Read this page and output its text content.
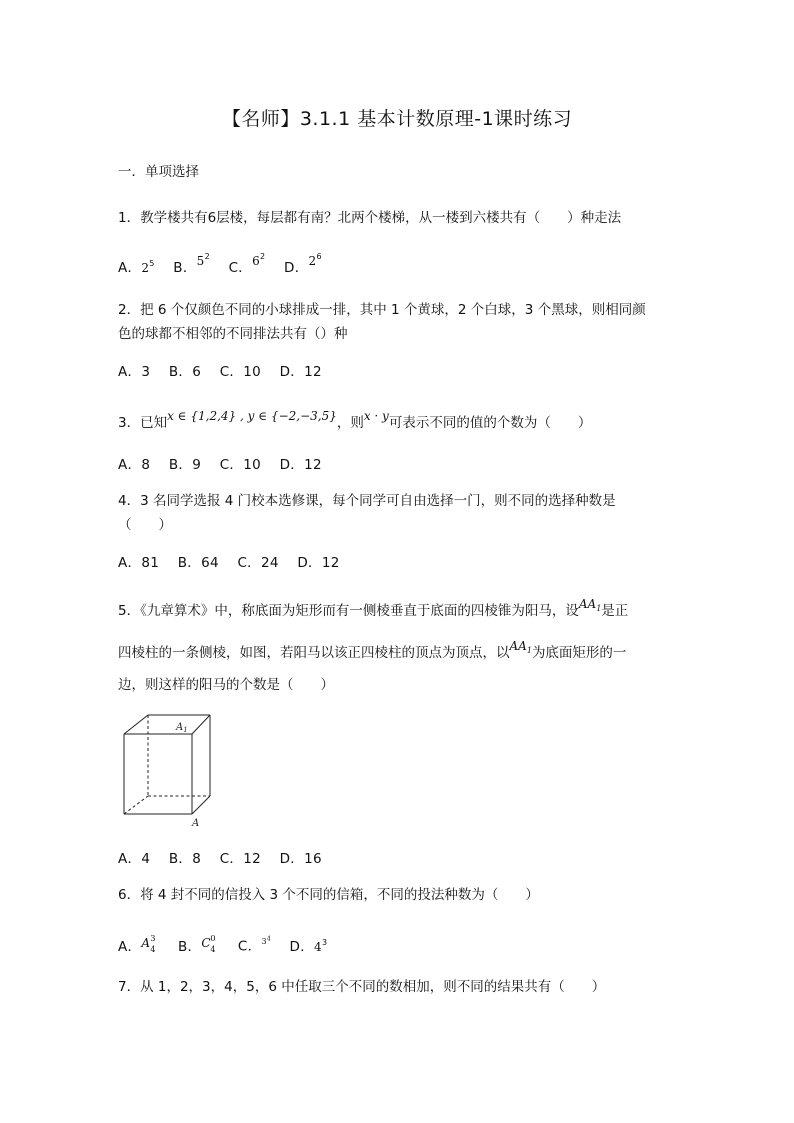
【名师】3.1.1 基本计数原理-1课时练习
一．单项选择
1．教学楼共有6层楼，每层都有南？北两个楼梯，从一楼到六楼共有（　　）种走法
A．$2^5$ B．$5^2$ C．$6^2$ D．$2^6$
2．把 6 个仅颜色不同的小球排成一排，其中 1 个黄球，2 个白球，3 个黑球，则相同颜
色的球都不相邻的不同排法共有（）种
A．3 B．6 C．10 D．12
3．已知x ∈ {1,2,4} , y ∈ {−2,−3,5}，则x · y可表示不同的值的个数为（　　）
A．8 B．9 C．10 D．12
4．3 名同学选报 4 门校本选修课，每个同学可自由选择一门，则不同的选择种数是
（　　）
A．81 B．64 C．24 D．12
5．《九章算术》中，称底面为矩形而有一侧棱垂直于底面的四棱锥为阳马，设$AA_1$是正
四棱柱的一条侧棱，如图，若阳马以该正四棱柱的顶点为顶点，以$AA_1$为底面矩形的一
边，则这样的阳马的个数是（　　）
$A_1$
A
A．4 B．8 C．12 D．16
6．将 4 封不同的信投入 3 个不同的信箱，不同的投法种数为（　　）
A． A 3
4 B． C 0
4 C．$^{3^4}$ D．$4^3$
7．从 1，2，3，4，5，6 中任取三个不同的数相加，则不同的结果共有（　　）
